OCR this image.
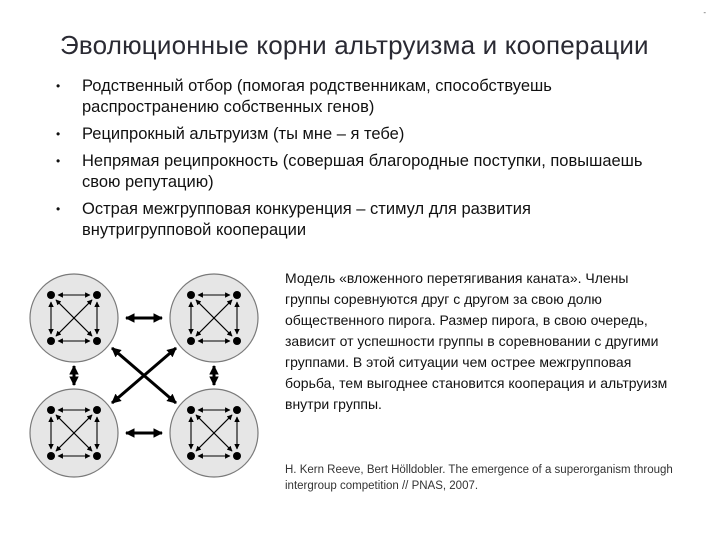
-
Эволюционные корни альтруизма и кооперации
•	Родственный отбор (помогая родственникам, способствуешь распространению собственных генов)
•	Реципрокный альтруизм (ты мне – я тебе)
•	Непрямая реципрокность (совершая благородные поступки, повышаешь свою репутацию)
•	Острая межгрупповая конкуренция – стимул для развития внутригрупповой кооперации
Модель «вложенного перетягивания каната». Члены группы соревнуются друг с другом за свою долю общественного пирога. Размер пирога, в свою очередь, зависит от успешности группы в соревновании с другими группами. В этой ситуации чем острее межгрупповая борьба, тем выгоднее становится кооперация и альтруизм внутри группы.
H. Kern Reeve, Bert Hölldobler. The emergence of a superorganism through intergroup competition // PNAS, 2007.
